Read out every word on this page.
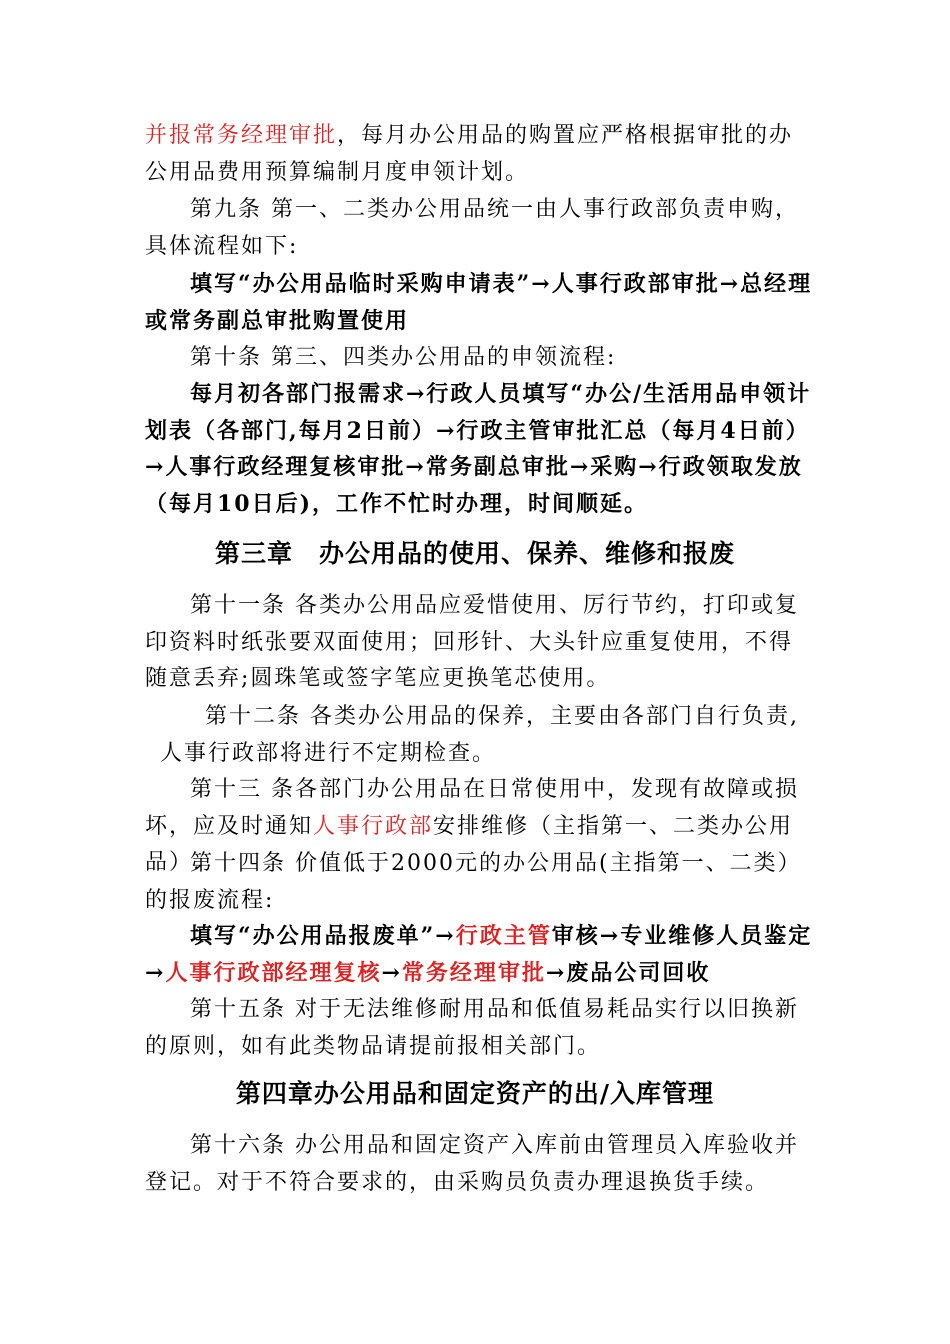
并报常务经理审批，每月办公用品的购置应严格根据审批的办公用品费用预算编制月度申领计划。

第九条 第一、二类办公用品统一由人事行政部负责申购，具体流程如下:

填写“办公用品临时采购申请表”→人事行政部审批→总经理或常务副总审批购置使用

第十条 第三、四类办公用品的申领流程:

每月初各部门报需求→行政人员填写“办公/生活用品申领计划表（各部门,每月2日前）→行政主管审批汇总（每月4日前）→人事行政经理复核审批→常务副总审批→采购→行政领取发放（每月10日后)，工作不忙时办理，时间顺延。

第三章　办公用品的使用、保养、维修和报废

第十一条 各类办公用品应爱惜使用、厉行节约，打印或复印资料时纸张要双面使用；回形针、大头针应重复使用，不得随意丢弃;圆珠笔或签字笔应更换笔芯使用。

第十二条 各类办公用品的保养，主要由各部门自行负责,人事行政部将进行不定期检查。

第十三 条各部门办公用品在日常使用中，发现有故障或损坏，应及时通知人事行政部安排维修（主指第一、二类办公用品）.

第十四条 价值低于2000元的办公用品(主指第一、二类）的报废流程:

填写“办公用品报废单”→行政主管审核→专业维修人员鉴定→人事行政部经理复核→常务经理审批→废品公司回收

第十五条 对于无法维修耐用品和低值易耗品实行以旧换新的原则，如有此类物品请提前报相关部门。

第四章办公用品和固定资产的出/入库管理

第十六条 办公用品和固定资产入库前由管理员入库验收并登记。对于不符合要求的，由采购员负责办理退换货手续。
